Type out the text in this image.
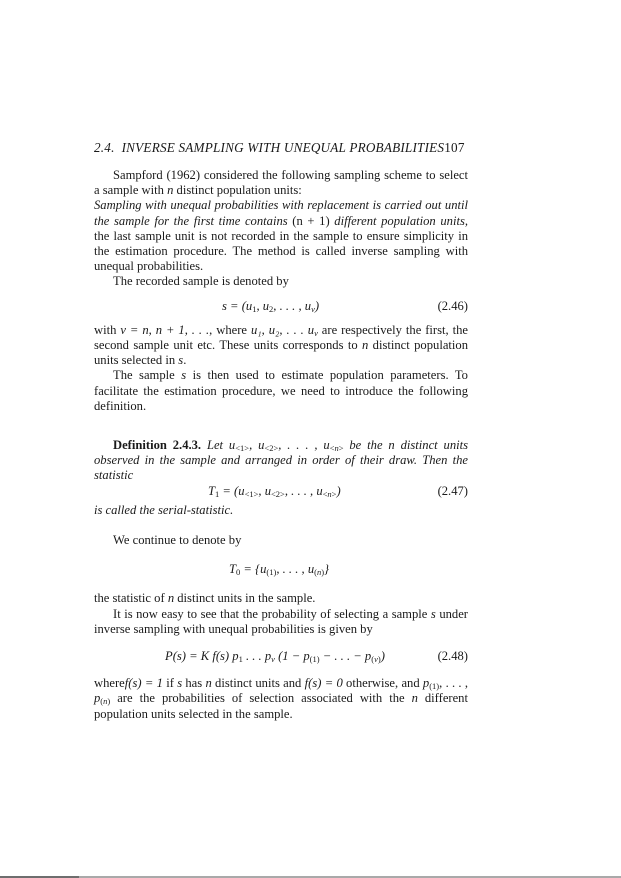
2.4. INVERSE SAMPLING WITH UNEQUAL PROBABILITIES107

Sampford (1962) considered the following sampling scheme to select a sample with n distinct population units:
Sampling with unequal probabilities with replacement is carried out until the sample for the first time contains (n + 1) different population units, the last sample unit is not recorded in the sample to ensure simplicity in the estimation procedure. The method is called inverse sampling with unequal probabilities.

The recorded sample is denoted by

$s = (u_1$, $u_2$, . . . , $u_\nu$)	(2.46)

with ν = n, n + 1, . . ., where u₁, u₂, . . . $u_\nu$ are respectively the first, the second sample unit etc. These units corresponds to n distinct population units selected in s.

The sample s is then used to estimate population parameters. To facilitate the estimation procedure, we need to introduce the following definition.

Definition 2.4.3. Let $u_{<1>}$, $u_{<2>}$, . . . , $u_{<n>}$ be the n distinct units observed in the sample and arranged in order of their draw. Then the statistic

$T_1 = (u_{<1>}$, $u_{<2>}$, . . . , $u_{<n>}$)	(2.47)

is called the serial-statistic.

We continue to denote by

$T_0 = \{u_{(1)}$, . . . , $u_{(n)}$}

the statistic of n distinct units in the sample.

It is now easy to see that the probability of selecting a sample s under inverse sampling with unequal probabilities is given by

P(s) = K f(s) $p_1$ . . . $p_\nu$ ($1 - p_{(1)}$ − . . . − $p_{(\nu)}$)	(2.48)

wheref(s) = 1 if s has n distinct units and f(s) = 0 otherwise, and $p_{(1)}$, . . . , $p_{(n)}$ are the probabilities of selection associated with the n different population units selected in the sample.
